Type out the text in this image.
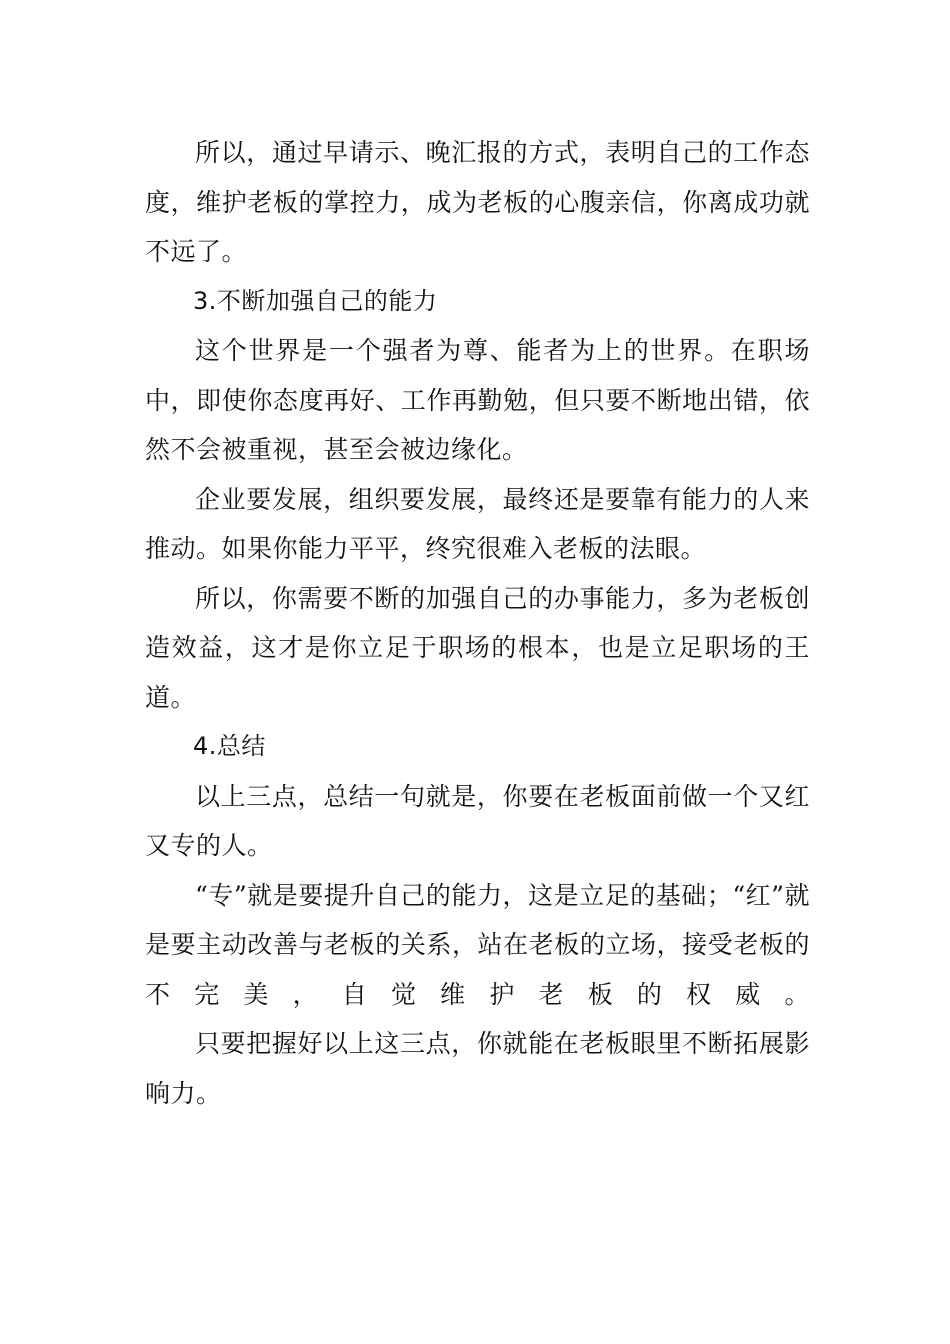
所以，通过早请示、晚汇报的方式，表明自己的工作态度，维护老板的掌控力，成为老板的心腹亲信，你离成功就不远了。

3.不断加强自己的能力

这个世界是一个强者为尊、能者为上的世界。在职场中，即使你态度再好、工作再勤勉，但只要不断地出错，依然不会被重视，甚至会被边缘化。

企业要发展，组织要发展，最终还是要靠有能力的人来推动。如果你能力平平，终究很难入老板的法眼。

所以，你需要不断的加强自己的办事能力，多为老板创造效益，这才是你立足于职场的根本，也是立足职场的王道。

4.总结

以上三点，总结一句就是，你要在老板面前做一个又红又专的人。

“专”就是要提升自己的能力，这是立足的基础；“红”就是要主动改善与老板的关系，站在老板的立场，接受老板的不完美，自觉维护老板的权威。

只要把握好以上这三点，你就能在老板眼里不断拓展影响力。
